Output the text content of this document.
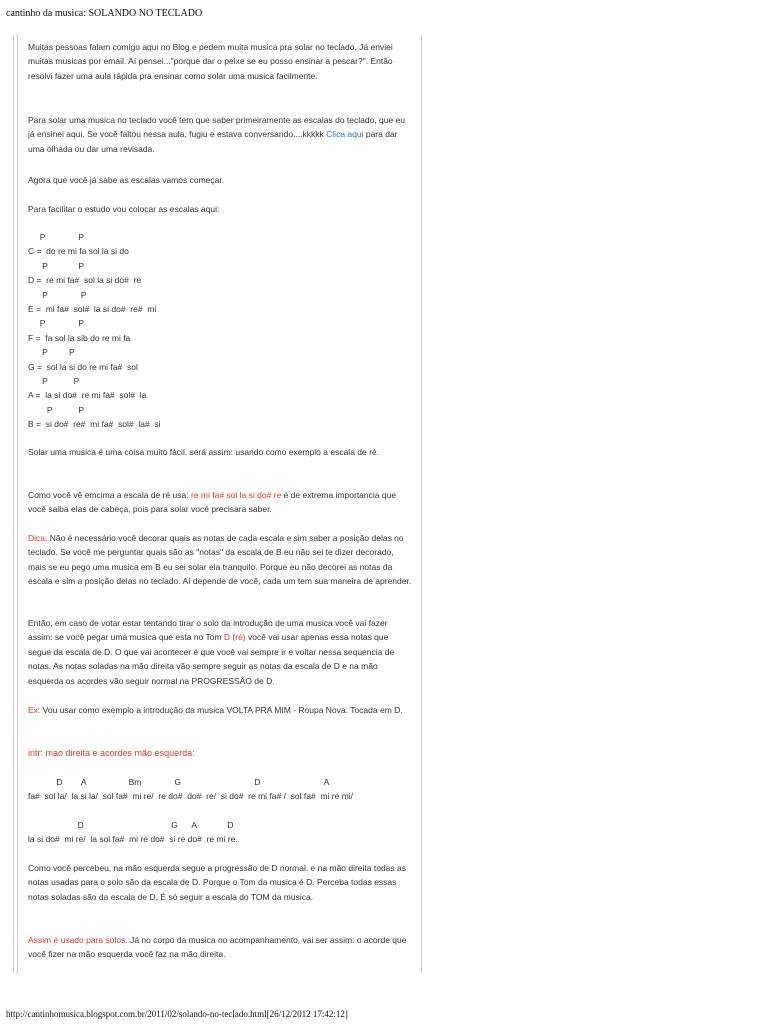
cantinho da musica: SOLANDO NO TECLADO

Muitas pessoas falam comigo aqui no Blog e pedem muita musica pra solar no teclado. Já enviei muitas musicas por email. Aí pensei..."porque dar o peixe se eu posso ensinar a pescar?". Então resolvi fazer uma aula rápida pra ensinar como solar uma musica facilmente.

Para solar uma musica no teclado você tem que saber primeiramente as escalas do teclado, que eu já ensinei aqui. Se você faltou nessa aula, fugiu e estava conversando....kkkkk Clica aqui para dar uma olhada ou dar uma revisada.

Agora que você já sabe as escalas vamos começar.

Para facilitar o estudo vou colocar as escalas aqui:

P              P
C =  do re mi fa sol la si do
P             P
D =  re mi fa#  sol la si do#  re
P              P
E =  mi fa#  sol#  la si do#  re#  mi
P              P
F =  fa sol la sib do re mi fa
P         P
G =  sol la si do re mi fa#  sol
P           P
A =  la si do#  re mi fa#  sol#  la
P           P
B =  si do#  re#  mi fa#  sol#  la#  si

Solar uma musica é uma coisa muito fácil. será assim: usando como exemplo a escala de ré.

Como você vê emcima a escala de ré usa: re mi fa# sol la si do# re é de extrema importancia que você saiba elas de cabeça, pois para solar você precisara saber.

Dica: Não é necessário você decorar quais as notas de cada escala e sim saber a posição delas no teclado. Se você me perguntar quais são as "notas" da escala de B eu não sei te dizer decorado, mais se eu pego uma musica em B eu sei solar ela tranquilo. Porque eu não decorei as notas da escala e sim a posição delas no teclado. Aí depende de você, cada um tem sua maneira de aprender.

Então, em caso de votar estar tentando tirar o solo da introdução de uma musica você vai fazer assim: se você pegar uma musica que esta no Tom D (ré) você vai usar apenas essa notas que segue da escala de D. O que vai acontecer é que você vai sempre ir e voltar nessa sequencia de notas. As notas soladas na mão direita vão sempre seguir as notas da escala de D e na mão esquerda os acordes vão seguir normal na PROGRESSÂO de D.

Ex: Vou usar como exemplo a introdução da musica VOLTA PRA MIM - Roupa Nova. Tocada em D.

intr: mao direita e acordes mão esquerda:

D        A                  Bm              G                               D                           A
fa#  sol la/  la si la/  sol fa#  mi re/  re do#  do#  re/  si do#  re mi fa# /  sol fa#  mi re mi/
D                                     G      A             D
la si do#  mi re/  la sol fa#  mi re do#  si re do#  re mi re.

Como você percebeu, na mão esquerda segue a progressão de D normal. e na mão direita todas as notas usadas para o solo são da escala de D. Porque o Tom da musica é D. Perceba todas essas notas soladas são da escala de D, É só seguir a escala do TOM da musica.

Assim é usado para solos. Já no corpo da musica no acompanhamento, vai ser assim: o acorde que você fizer na mão esquerda você faz na mão direita.

http://cantinhomusica.blogspot.com.br/2011/02/solando-no-teclado.html[26/12/2012 17:42:12]
